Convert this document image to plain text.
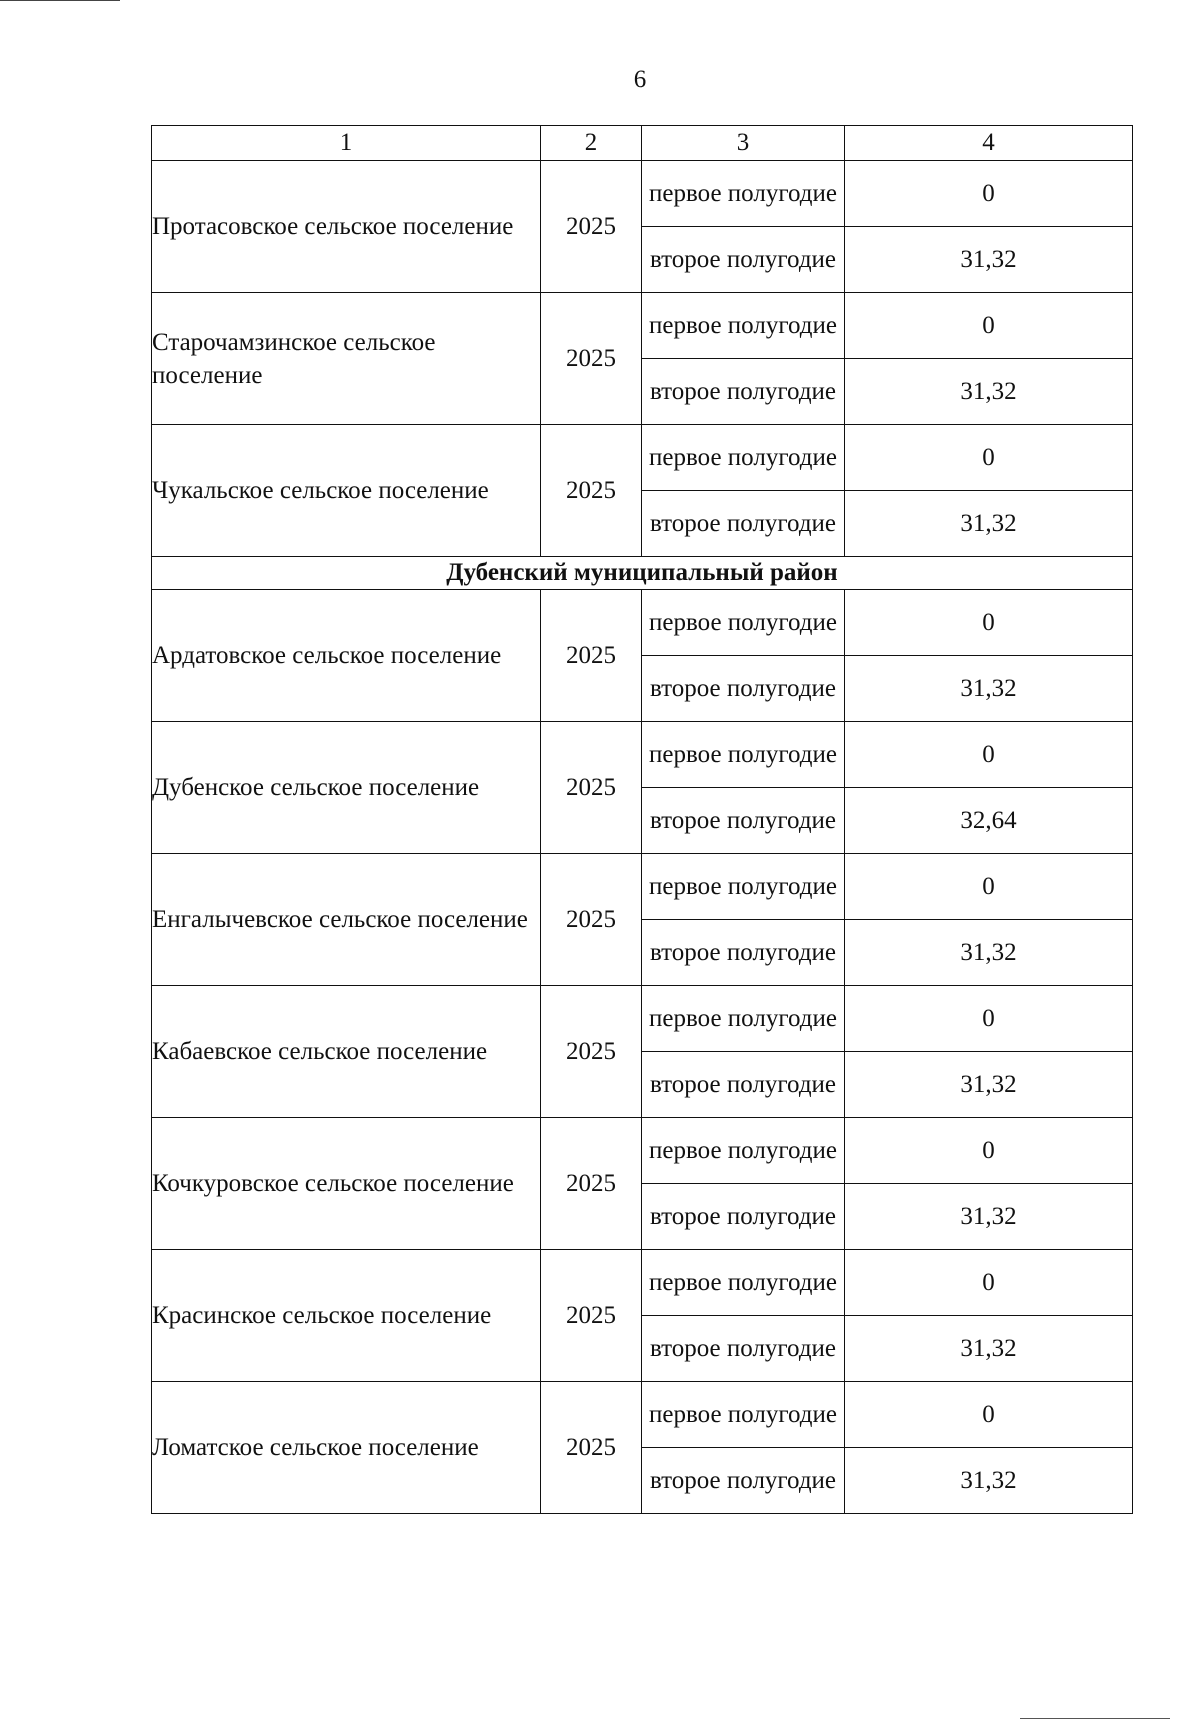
6
1	2	3	4
Протасовское сельское поселение	2025	первое полугодие	0
		второе полугодие	31,32
Старочамзинское сельское поселение	2025	первое полугодие	0
		второе полугодие	31,32
Чукальское сельское поселение	2025	первое полугодие	0
		второе полугодие	31,32
Дубенский муниципальный район			
Ардатовское сельское поселение	2025	первое полугодие	0
		второе полугодие	31,32
Дубенское сельское поселение	2025	первое полугодие	0
		второе полугодие	32,64
Енгалычевское сельское поселение	2025	первое полугодие	0
		второе полугодие	31,32
Кабаевское сельское поселение	2025	первое полугодие	0
		второе полугодие	31,32
Кочкуровское сельское поселение	2025	первое полугодие	0
		второе полугодие	31,32
Красинское сельское поселение	2025	первое полугодие	0
		второе полугодие	31,32
Ломатское сельское поселение	2025	первое полугодие	0
		второе полугодие	31,32
